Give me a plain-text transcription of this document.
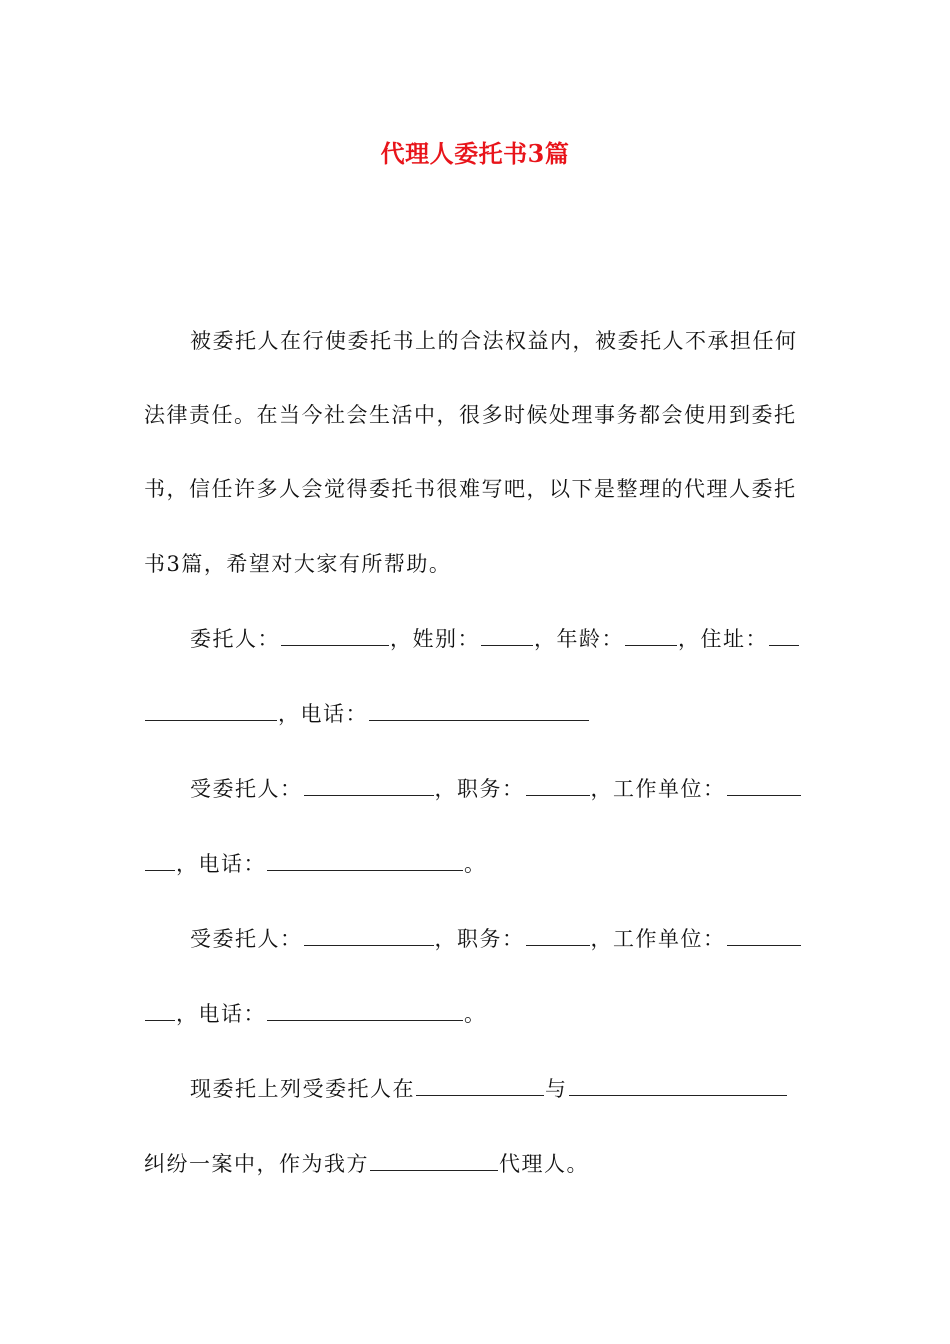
代理人委托书3篇
被委托人在行使委托书上的合法权益内，被委托人不承担任何
法律责任。在当今社会生活中，很多时候处理事务都会使用到委托
书，信任许多人会觉得委托书很难写吧，以下是整理的代理人委托
书3篇，希望对大家有所帮助。
委托人：	，姓别：	，年龄：	，住址：
，电话：
受委托人：	，职务：	，工作单位：
，电话：	。
受委托人：	，职务：	，工作单位：
，电话：	。
现委托上列受委托人在	与
纠纷一案中，作为我方	代理人。
